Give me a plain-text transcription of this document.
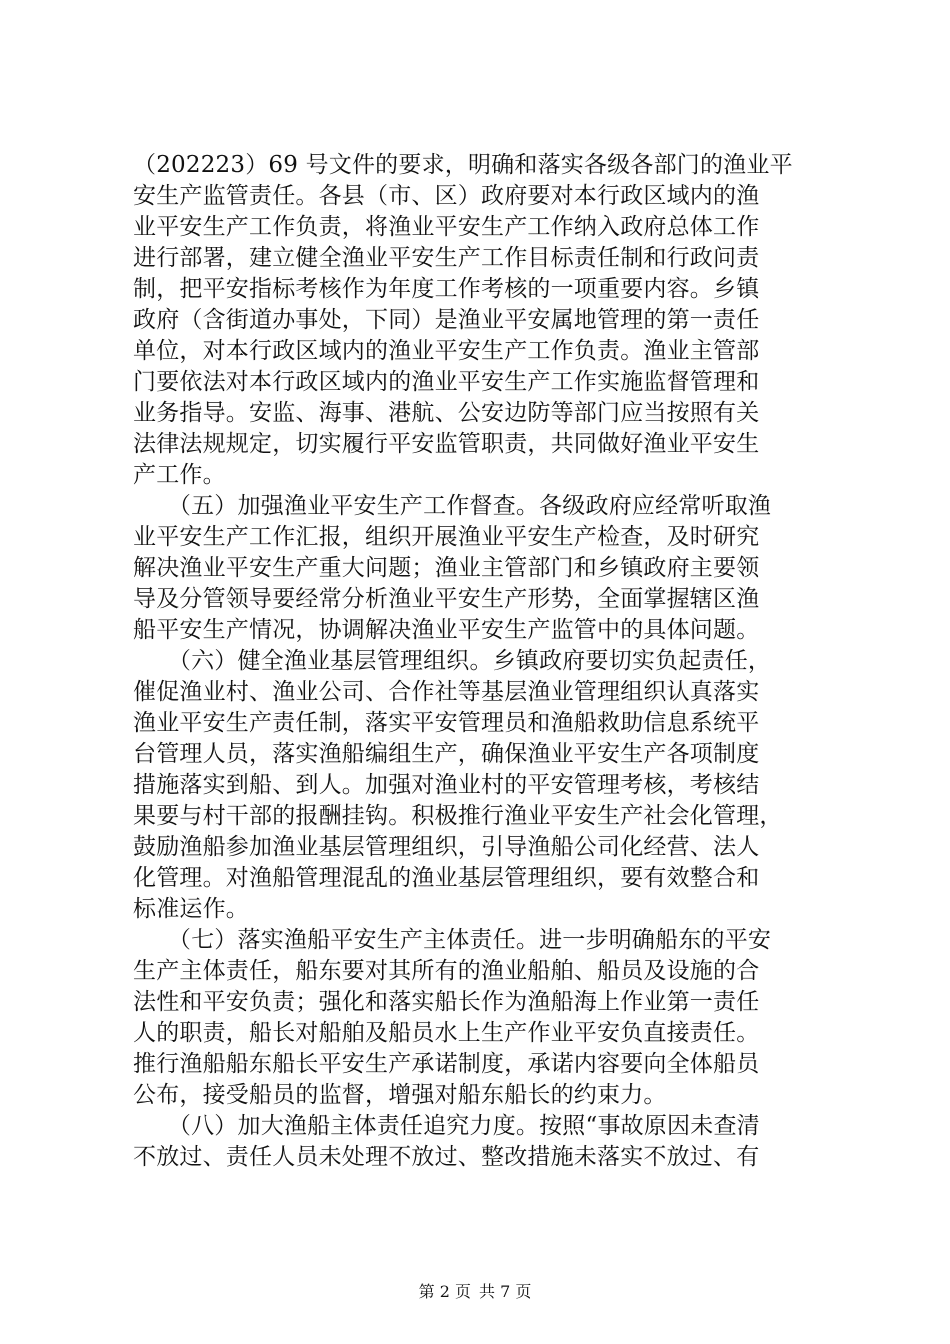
（202223）69 号文件的要求，明确和落实各级各部门的渔业平
安生产监管责任。各县（市、区）政府要对本行政区域内的渔
业平安生产工作负责，将渔业平安生产工作纳入政府总体工作
进行部署，建立健全渔业平安生产工作目标责任制和行政问责
制，把平安指标考核作为年度工作考核的一项重要内容。乡镇
政府（含街道办事处，下同）是渔业平安属地管理的第一责任
单位，对本行政区域内的渔业平安生产工作负责。渔业主管部
门要依法对本行政区域内的渔业平安生产工作实施监督管理和
业务指导。安监、海事、港航、公安边防等部门应当按照有关
法律法规规定，切实履行平安监管职责，共同做好渔业平安生
产工作。
　　（五）加强渔业平安生产工作督查。各级政府应经常听取渔
业平安生产工作汇报，组织开展渔业平安生产检查，及时研究
解决渔业平安生产重大问题；渔业主管部门和乡镇政府主要领
导及分管领导要经常分析渔业平安生产形势，全面掌握辖区渔
船平安生产情况，协调解决渔业平安生产监管中的具体问题。
　　（六）健全渔业基层管理组织。乡镇政府要切实负起责任，
催促渔业村、渔业公司、合作社等基层渔业管理组织认真落实
渔业平安生产责任制，落实平安管理员和渔船救助信息系统平
台管理人员，落实渔船编组生产，确保渔业平安生产各项制度
措施落实到船、到人。加强对渔业村的平安管理考核，考核结
果要与村干部的报酬挂钩。积极推行渔业平安生产社会化管理，
鼓励渔船参加渔业基层管理组织，引导渔船公司化经营、法人
化管理。对渔船管理混乱的渔业基层管理组织，要有效整合和
标准运作。
　　（七）落实渔船平安生产主体责任。进一步明确船东的平安
生产主体责任，船东要对其所有的渔业船舶、船员及设施的合
法性和平安负责；强化和落实船长作为渔船海上作业第一责任
人的职责，船长对船舶及船员水上生产作业平安负直接责任。
推行渔船船东船长平安生产承诺制度，承诺内容要向全体船员
公布，接受船员的监督，增强对船东船长的约束力。
　　（八）加大渔船主体责任追究力度。按照“事故原因未查清
不放过、责任人员未处理不放过、整改措施未落实不放过、有
第 2 页 共 7 页
